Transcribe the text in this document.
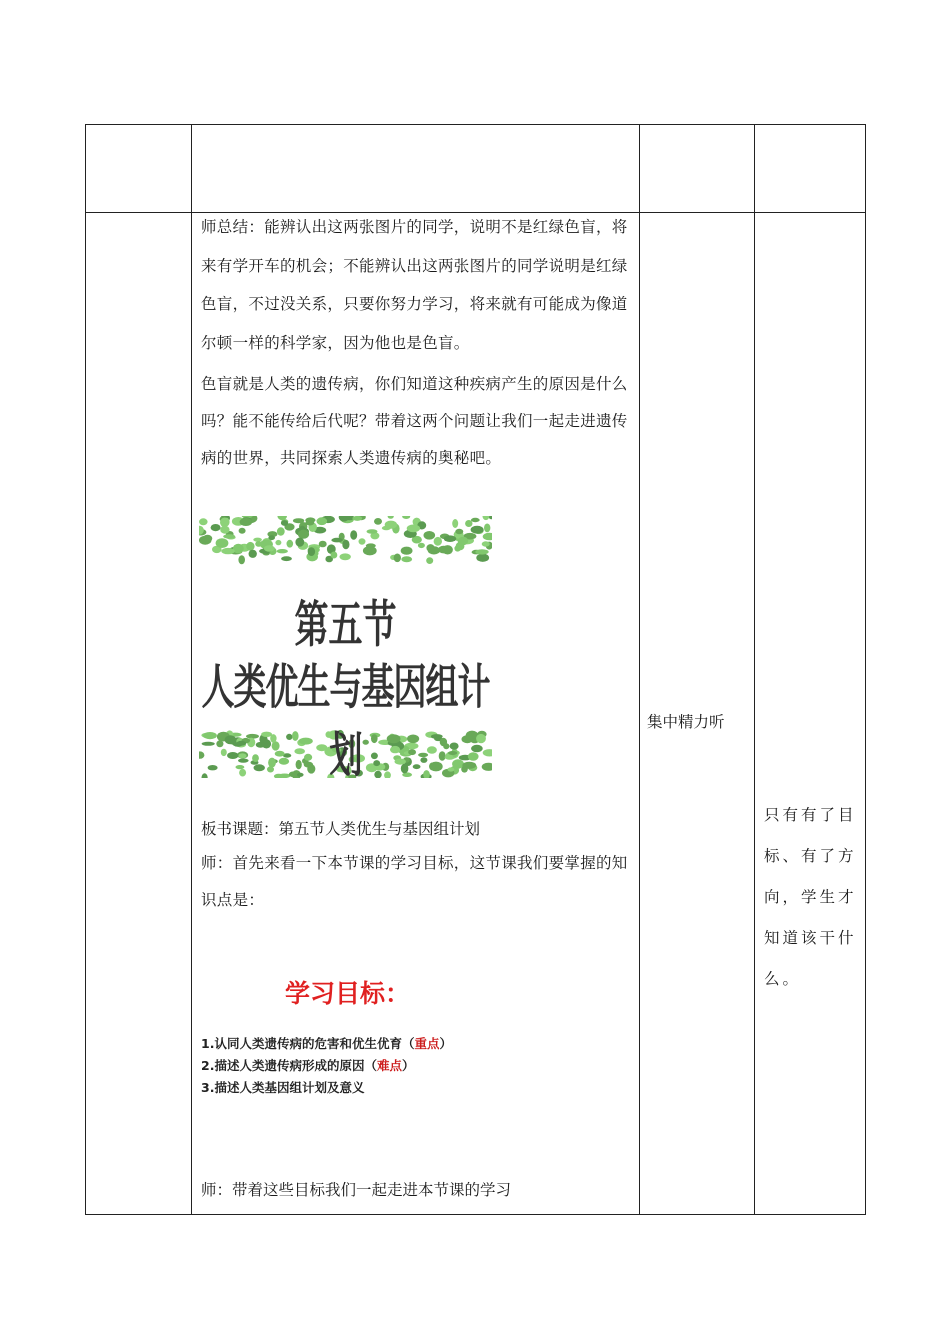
师总结：能辨认出这两张图片的同学，说明不是红绿色盲，将来有学开车的机会；不能辨认出这两张图片的同学说明是红绿色盲，不过没关系，只要你努力学习，将来就有可能成为像道尔顿一样的科学家，因为他也是色盲。

色盲就是人类的遗传病，你们知道这种疾病产生的原因是什么吗？能不能传给后代呢？带着这两个问题让我们一起走进遗传病的世界，共同探索人类遗传病的奥秘吧。

第五节
人类优生与基因组计划

板书课题：第五节人类优生与基因组计划

师：首先来看一下本节课的学习目标，这节课我们要掌握的知识点是：

学习目标：
1.认同人类遗传病的危害和优生优育（重点）
2.描述人类遗传病形成的原因（难点）
3.描述人类基因组计划及意义

师：带着这些目标我们一起走进本节课的学习

集中精力听

只有有了目标、有了方向，学生才知道该干什么。
